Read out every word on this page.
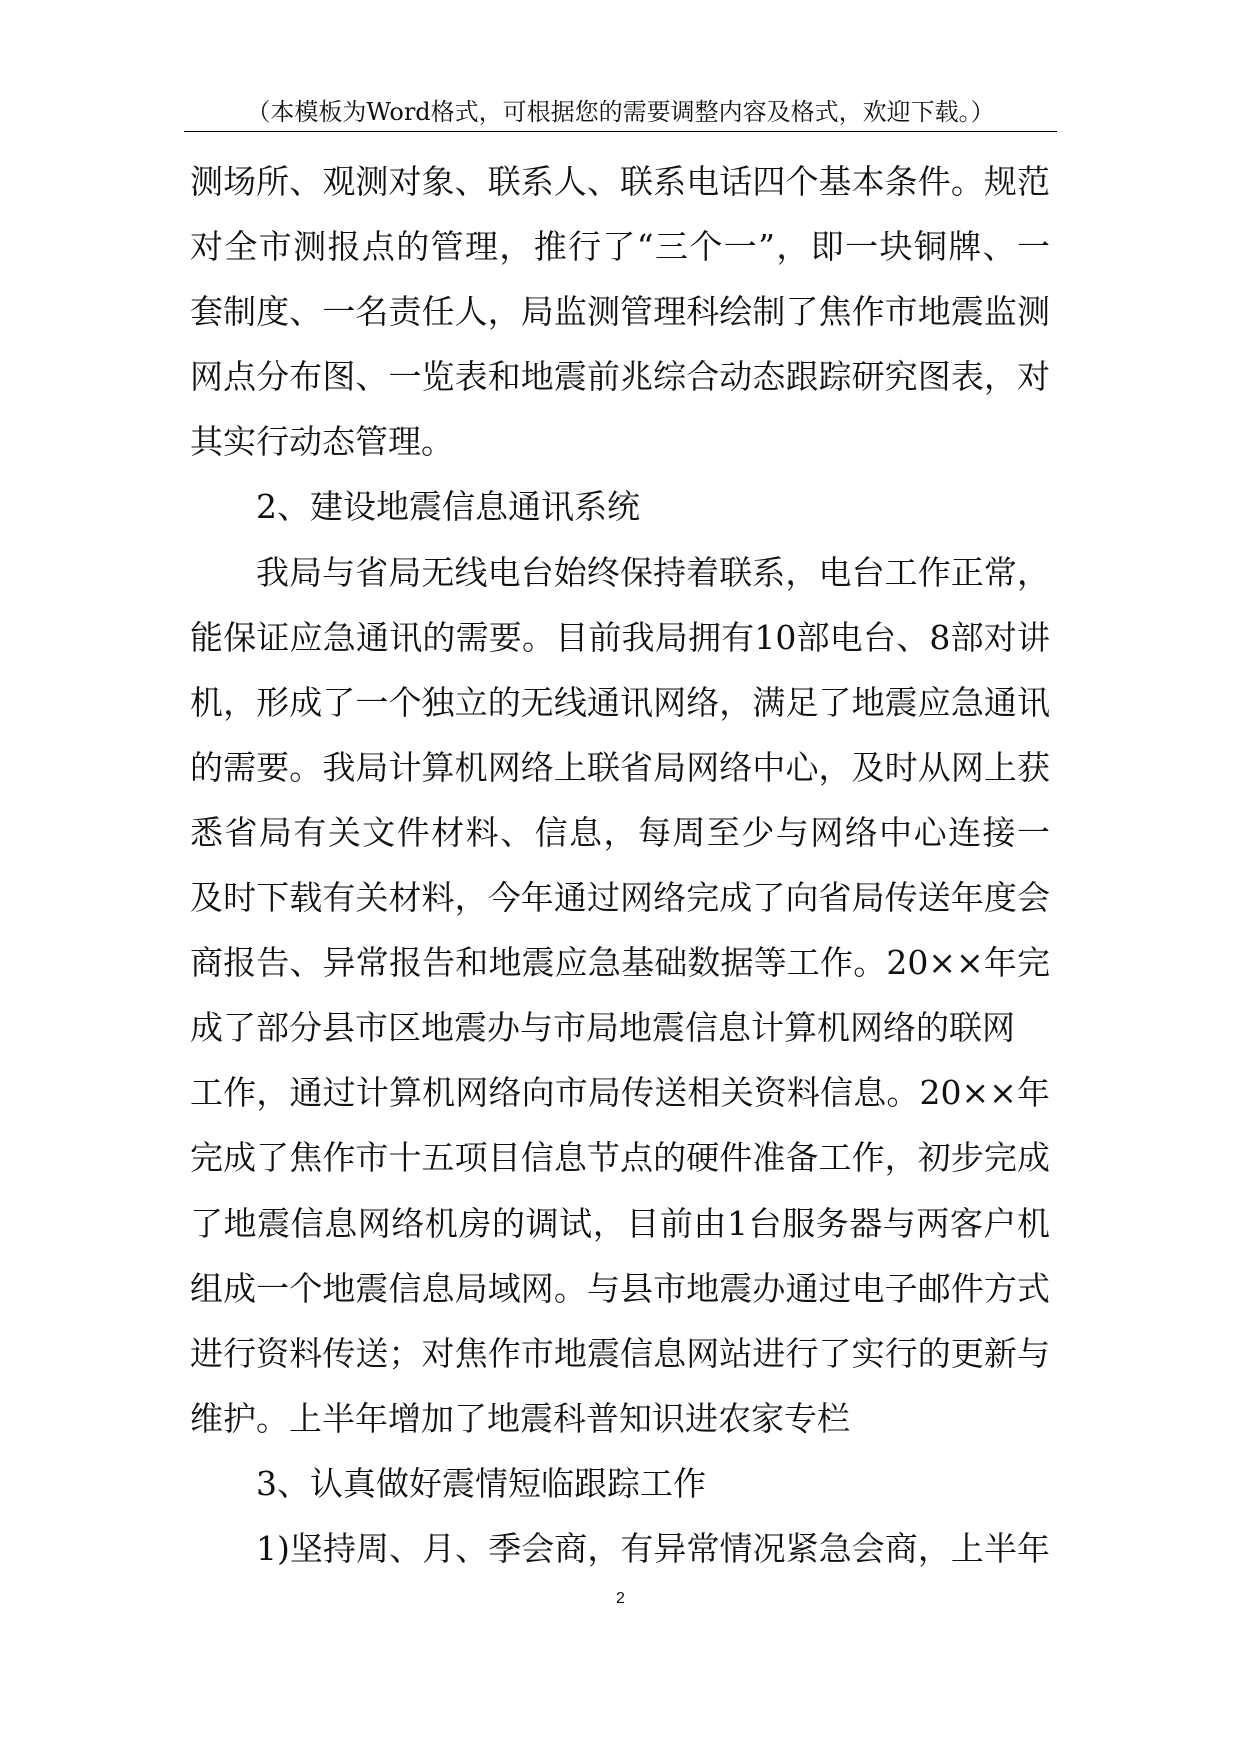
（本模板为Word格式，可根据您的需要调整内容及格式，欢迎下载。）
测场所、观测对象、联系人、联系电话四个基本条件。规范
对全市测报点的管理，推行了“三个一”，即一块铜牌、一
套制度、一名责任人，局监测管理科绘制了焦作市地震监测
网点分布图、一览表和地震前兆综合动态跟踪研究图表，对
其实行动态管理。
2、建设地震信息通讯系统
我局与省局无线电台始终保持着联系，电台工作正常，
能保证应急通讯的需要。目前我局拥有10部电台、8部对讲
机，形成了一个独立的无线通讯网络，满足了地震应急通讯
的需要。我局计算机网络上联省局网络中心，及时从网上获
悉省局有关文件材料、信息，每周至少与网络中心连接一
及时下载有关材料，今年通过网络完成了向省局传送年度会
商报告、异常报告和地震应急基础数据等工作。20××年完
成了部分县市区地震办与市局地震信息计算机网络的联网
工作，通过计算机网络向市局传送相关资料信息。20××年
完成了焦作市十五项目信息节点的硬件准备工作，初步完成
了地震信息网络机房的调试，目前由1台服务器与两客户机
组成一个地震信息局域网。与县市地震办通过电子邮件方式
进行资料传送；对焦作市地震信息网站进行了实行的更新与
维护。上半年增加了地震科普知识进农家专栏
3、认真做好震情短临跟踪工作
1)坚持周、月、季会商，有异常情况紧急会商，上半年
2
